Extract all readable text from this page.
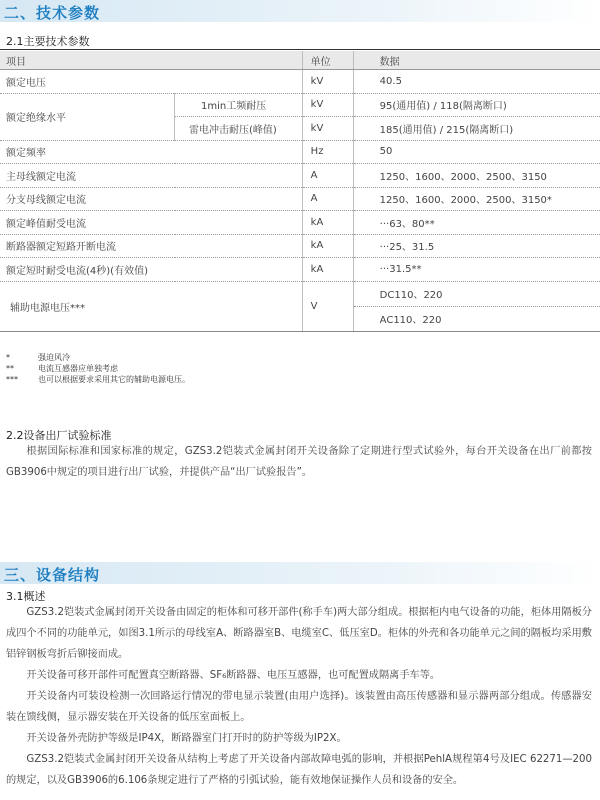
二、技术参数
2.1主要技术参数
项目		单位	数据
额定电压		kV	40.5
额定绝缘水平	1min工频耐压	kV	95(通用值) / 118(隔离断口)
	雷电冲击耐压(峰值)	kV	185(通用值) / 215(隔离断口)
额定频率		Hz	50
主母线额定电流		A	1250、1600、2000、2500、3150
分支母线额定电流		A	1250、1600、2000、2500、3150*
额定峰值耐受电流		kA	···63、80**
断路器额定短路开断电流		kA	···25、31.5
额定短时耐受电流(4秒)(有效值)		kA	···31.5**
辅助电源电压***		V	DC110、220
			AC110、220
*	强迫风冷
**	电流互感器应单独考虑
***	也可以根据要求采用其它的辅助电源电压。
2.2设备出厂试验标准
根据国际标准和国家标准的规定，GZS3.2铠装式金属封闭开关设备除了定期进行型式试验外，每台开关设备在出厂前都按GB3906中规定的项目进行出厂试验，并提供产品“出厂试验报告”。
三、设备结构
3.1概述
GZS3.2铠装式金属封闭开关设备由固定的柜体和可移开部件(称手车)两大部分组成。根据柜内电气设备的功能，柜体用隔板分成四个不同的功能单元，如图3.1所示的母线室A、断路器室B、电缆室C、低压室D。柜体的外壳和各功能单元之间的隔板均采用敷铝锌钢板弯折后铆接而成。
开关设备可移开部件可配置真空断路器、SF₆断路器、电压互感器，也可配置成隔离手车等。
开关设备内可装设检测一次回路运行情况的带电显示装置(由用户选择)。该装置由高压传感器和显示器两部分组成。传感器安装在馈线侧，显示器安装在开关设备的低压室面板上。
开关设备外壳防护等级是IP4X，断路器室门打开时的防护等级为IP2X。
GZS3.2铠装式金属封闭开关设备从结构上考虑了开关设备内部故障电弧的影响，并根据PehlA规程第4号及IEC 62271—200的规定，以及GB3906的6.106条规定进行了严格的引弧试验，能有效地保证操作人员和设备的安全。
